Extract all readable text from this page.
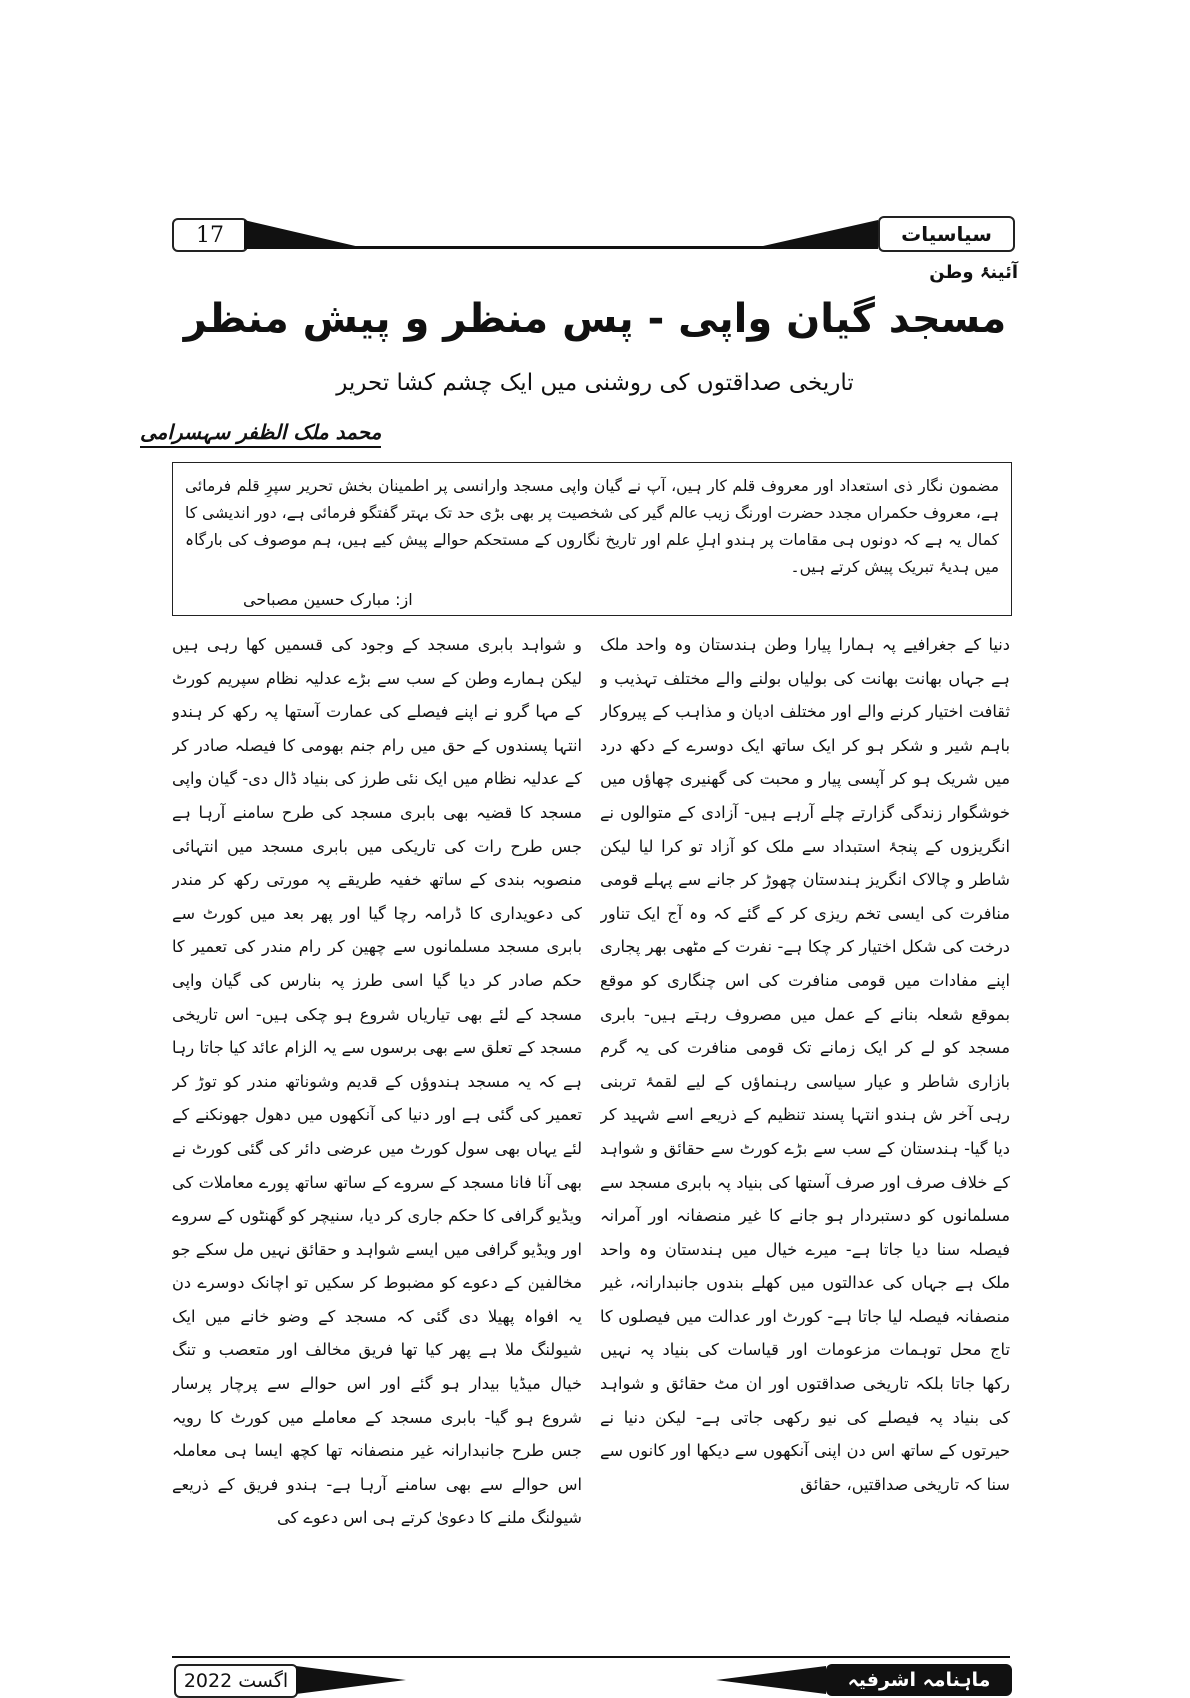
17	سیاسیات
آئینۂ وطن
مسجد گیان واپی - پس منظر و پیش منظر
تاریخی صداقتوں کی روشنی میں ایک چشم کشا تحریر
محمد ملک الظفر سہسرامی
مضمون نگار ذی استعداد اور معروف قلم کار ہیں، آپ نے گیان واپی مسجد وارانسی پر اطمینان بخش تحریر سپرِ قلم فرمائی ہے، معروف حکمراں مجدد حضرت اورنگ زیب عالم گیر کی شخصیت پر بھی بڑی حد تک بہتر گفتگو فرمائی ہے، دور اندیشی کا کمال یہ ہے کہ دونوں ہی مقامات پر ہندو اہلِ علم اور تاریخ نگاروں کے مستحکم حوالے پیش کیے ہیں، ہم موصوف کی بارگاہ میں ہدیۂ تبریک پیش کرتے ہیں۔
از: مبارک حسین مصباحی

دنیا کے جغرافیے پہ ہمارا پیارا وطن ہندستان وہ واحد ملک ہے جہاں بھانت بھانت کی بولیاں بولنے والے مختلف تہذیب و ثقافت اختیار کرنے والے اور مختلف ادیان و مذاہب کے پیروکار باہم شیر و شکر ہو کر ایک ساتھ ایک دوسرے کے دکھ درد میں شریک ہو کر آپسی پیار و محبت کی گھنیری چھاؤں میں خوشگوار زندگی گزارتے چلے آرہے ہیں- آزادی کے متوالوں نے انگریزوں کے پنجۂ استبداد سے ملک کو آزاد تو کرا لیا لیکن شاطر و چالاک انگریز ہندستان چھوڑ کر جانے سے پہلے قومی منافرت کی ایسی تخم ریزی کر کے گئے کہ وہ آج ایک تناور درخت کی شکل اختیار کر چکا ہے- نفرت کے مٹھی بھر پجاری اپنے مفادات میں قومی منافرت کی اس چنگاری کو موقع بموقع شعلہ بنانے کے عمل میں مصروف رہتے ہیں- بابری مسجد کو لے کر ایک زمانے تک قومی منافرت کی یہ گرم بازاری شاطر و عیار سیاسی رہنماؤں کے لیے لقمۂ تربنی رہی آخر ش ہندو انتہا پسند تنظیم کے ذریعے اسے شہید کر دیا گیا- ہندستان کے سب سے بڑے کورٹ سے حقائق و شواہد کے خلاف صرف اور صرف آستھا کی بنیاد پہ بابری مسجد سے مسلمانوں کو دستبردار ہو جانے کا غیر منصفانہ اور آمرانہ فیصلہ سنا دیا جاتا ہے- میرے خیال میں ہندستان وہ واحد ملک ہے جہاں کی عدالتوں میں کھلے بندوں جانبدارانہ، غیر منصفانہ فیصلہ لیا جاتا ہے- کورٹ اور عدالت میں فیصلوں کا تاج محل توہمات مزعومات اور قیاسات کی بنیاد پہ نہیں رکھا جاتا بلکہ تاریخی صداقتوں اور ان مٹ حقائق و شواہد کی بنیاد پہ فیصلے کی نیو رکھی جاتی ہے- لیکن دنیا نے حیرتوں کے ساتھ اس دن اپنی آنکھوں سے دیکھا اور کانوں سے سنا کہ تاریخی صداقتیں، حقائق

و شواہد بابری مسجد کے وجود کی قسمیں کھا رہی ہیں لیکن ہمارے وطن کے سب سے بڑے عدلیہ نظام سپریم کورٹ کے مہا گرو نے اپنے فیصلے کی عمارت آستھا پہ رکھ کر ہندو انتہا پسندوں کے حق میں رام جنم بھومی کا فیصلہ صادر کر کے عدلیہ نظام میں ایک نئی طرز کی بنیاد ڈال دی- گیان واپی مسجد کا قضیہ بھی بابری مسجد کی طرح سامنے آرہا ہے جس طرح رات کی تاریکی میں بابری مسجد میں انتہائی منصوبہ بندی کے ساتھ خفیہ طریقے پہ مورتی رکھ کر مندر کی دعویداری کا ڈرامہ رچا گیا اور پھر بعد میں کورٹ سے بابری مسجد مسلمانوں سے چھین کر رام مندر کی تعمیر کا حکم صادر کر دیا گیا اسی طرز پہ بنارس کی گیان واپی مسجد کے لئے بھی تیاریاں شروع ہو چکی ہیں- اس تاریخی مسجد کے تعلق سے بھی برسوں سے یہ الزام عائد کیا جاتا رہا ہے کہ یہ مسجد ہندوؤں کے قدیم وشوناتھ مندر کو توڑ کر تعمیر کی گئی ہے اور دنیا کی آنکھوں میں دھول جھونکنے کے لئے یہاں بھی سول کورٹ میں عرضی دائر کی گئی کورٹ نے بھی آنا فانا مسجد کے سروے کے ساتھ ساتھ پورے معاملات کی ویڈیو گرافی کا حکم جاری کر دیا، سنیچر کو گھنٹوں کے سروے اور ویڈیو گرافی میں ایسے شواہد و حقائق نہیں مل سکے جو مخالفین کے دعوے کو مضبوط کر سکیں تو اچانک دوسرے دن یہ افواہ پھیلا دی گئی کہ مسجد کے وضو خانے میں ایک شیولنگ ملا ہے پھر کیا تھا فریق مخالف اور متعصب و تنگ خیال میڈیا بیدار ہو گئے اور اس حوالے سے پرچار پرسار شروع ہو گیا- بابری مسجد کے معاملے میں کورٹ کا رویہ جس طرح جانبدارانہ غیر منصفانہ تھا کچھ ایسا ہی معاملہ اس حوالے سے بھی سامنے آرہا ہے- ہندو فریق کے ذریعے شیولنگ ملنے کا دعویٰ کرتے ہی اس دعوے کی

اگست 2022	ماہنامہ اشرفیہ
